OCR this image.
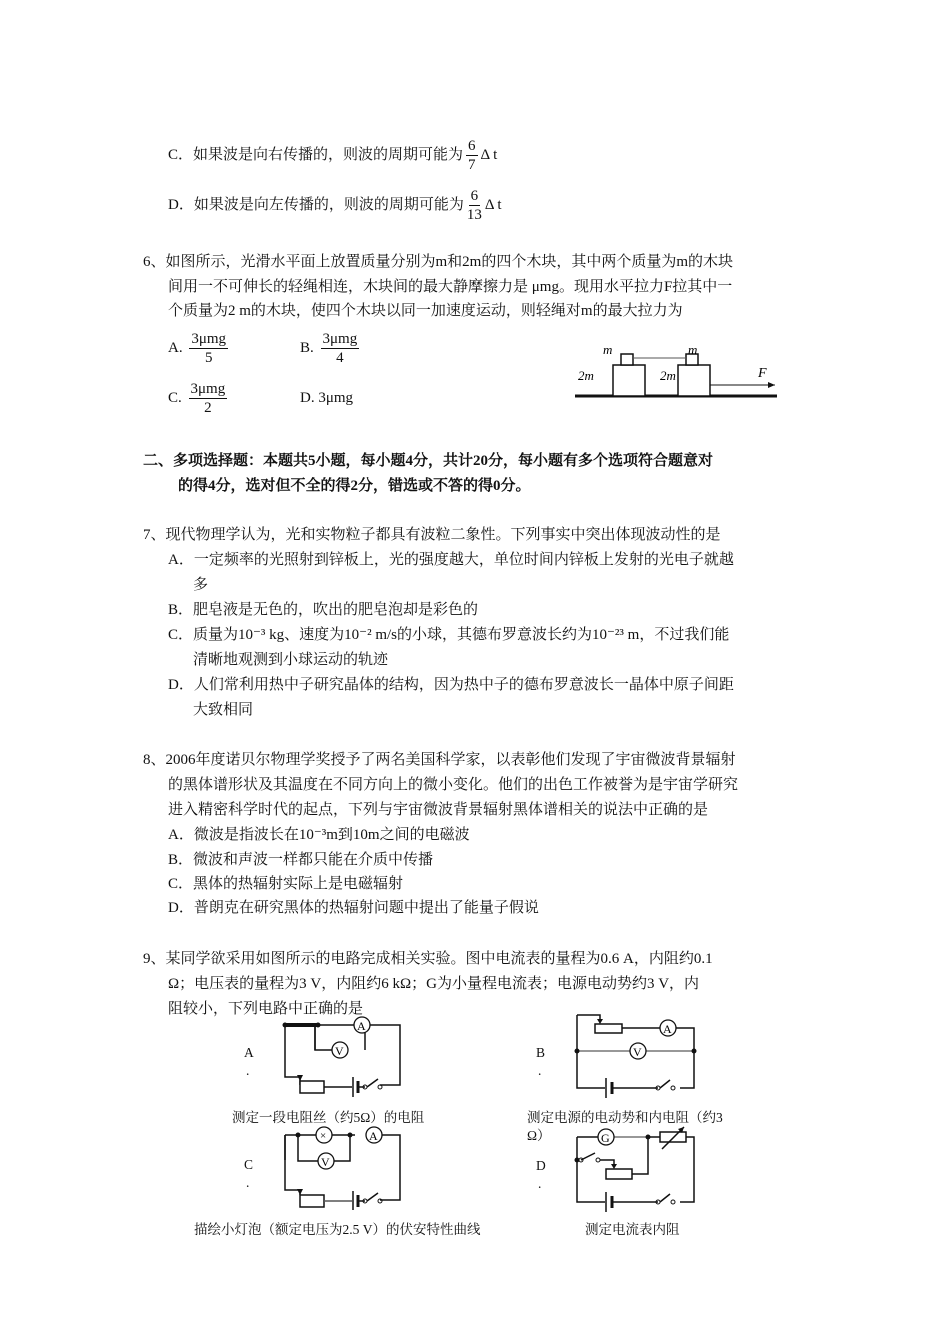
C．如果波是向右传播的，则波的周期可能为 $\frac{6}{7}$ Δ t
D．如果波是向左传播的，则波的周期可能为 $\frac{6}{13}$ Δ t
6、如图所示，光滑水平面上放置质量分别为m和2m的四个木块，其中两个质量为m的木块
间用一不可伸长的轻绳相连，木块间的最大静摩擦力是 μmg。现用水平拉力F拉其中一
个质量为2 m的木块，使四个木块以同一加速度运动，则轻绳对m的最大拉力为
A. $\frac{\text{3μmg}}{5}$	B. $\frac{\text{3μmg}}{4}$
C. $\frac{\text{3μmg}}{2}$	D. 3μmg
m	m
2m	2m	F
二、多项选择题：本题共5小题，每小题4分，共计20分，每小题有多个选项符合题意对
的得4分，选对但不全的得2分，错选或不答的得0分。
7、现代物理学认为，光和实物粒子都具有波粒二象性。下列事实中突出体现波动性的是
A．一定频率的光照射到锌板上，光的强度越大，单位时间内锌板上发射的光电子就越
多
B．肥皂液是无色的，吹出的肥皂泡却是彩色的
C．质量为10⁻³ kg、速度为10⁻² m/s的小球，其德布罗意波长约为10⁻²³ m，不过我们能
清晰地观测到小球运动的轨迹
D．人们常利用热中子研究晶体的结构，因为热中子的德布罗意波长一晶体中原子间距
大致相同
8、2006年度诺贝尔物理学奖授予了两名美国科学家，以表彰他们发现了宇宙微波背景辐射
的黑体谱形状及其温度在不同方向上的微小变化。他们的出色工作被誉为是宇宙学研究
进入精密科学时代的起点，下列与宇宙微波背景辐射黑体谱相关的说法中正确的是
A．微波是指波长在10⁻³m到10m之间的电磁波
B．微波和声波一样都只能在介质中传播
C．黑体的热辐射实际上是电磁辐射
D．普朗克在研究黑体的热辐射问题中提出了能量子假说
9、某同学欲采用如图所示的电路完成相关实验。图中电流表的量程为0.6 A，内阻约0.1
Ω；电压表的量程为3 V，内阻约6 kΩ；G为小量程电流表；电源电动势约3 V，内
阻较小，下列电路中正确的是
A
.
A
V
测定一段电阻丝（约5Ω）的电阻
B
.
A
V
测定电源的电动势和内电阻（约3
Ω）
C
.
×	A
V
描绘小灯泡（额定电压为2.5 V）的伏安特性曲线
D
.
G
测定电流表内阻
